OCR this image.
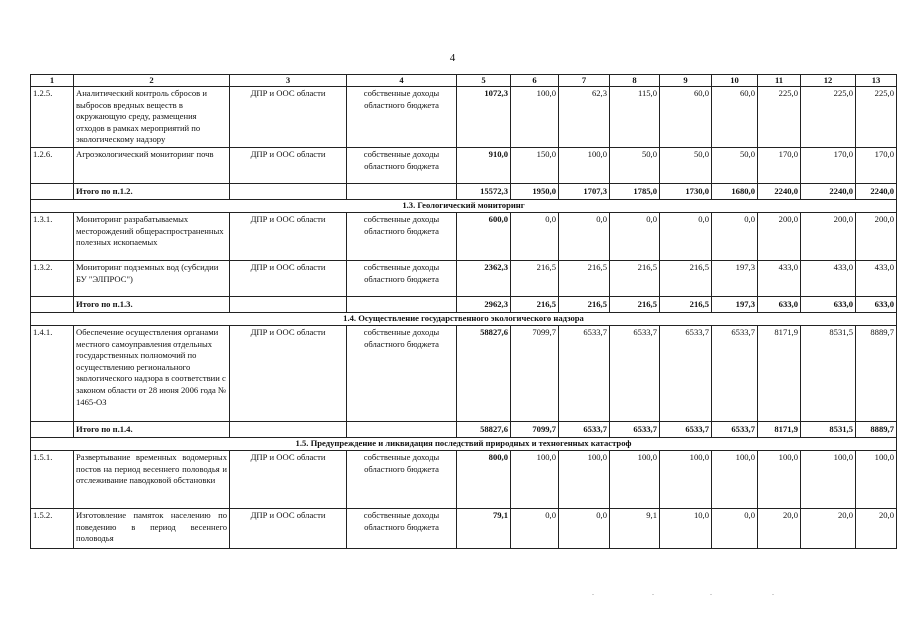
4
1	2	3	4	5	6	7	8	9	10	11	12	13
1.2.5.	Аналитический контроль сбросов и выбросов вредных веществ в окружающую среду, размещения отходов в рамках мероприятий по экологическому надзору	ДПР и ООС области	собственные доходы областного бюджета	1072,3	100,0	62,3	115,0	60,0	60,0	225,0	225,0	225,0
1.2.6.	Агроэкологический мониторинг почв	ДПР и ООС области	собственные доходы областного бюджета	910,0	150,0	100,0	50,0	50,0	50,0	170,0	170,0	170,0
	Итого по п.1.2.			15572,3	1950,0	1707,3	1785,0	1730,0	1680,0	2240,0	2240,0	2240,0
1.3. Геологический мониторинг												
1.3.1.	Мониторинг разрабатываемых месторождений общераспространенных полезных ископаемых	ДПР и ООС области	собственные доходы областного бюджета	600,0	0,0	0,0	0,0	0,0	0,0	200,0	200,0	200,0
1.3.2.	Мониторинг подземных вод (субсидии БУ "ЭЛПРОС")	ДПР и ООС области	собственные доходы областного бюджета	2362,3	216,5	216,5	216,5	216,5	197,3	433,0	433,0	433,0
	Итого по п.1.3.			2962,3	216,5	216,5	216,5	216,5	197,3	633,0	633,0	633,0
1.4. Осуществление государственного экологического надзора												
1.4.1.	Обеспечение осуществления органами местного самоуправления отдельных государственных полномочий по осуществлению регионального экологического надзора в соответствии с законом области от 28 июня 2006 года № 1465-ОЗ	ДПР и ООС области	собственные доходы областного бюджета	58827,6	7099,7	6533,7	6533,7	6533,7	6533,7	8171,9	8531,5	8889,7
	Итого по п.1.4.			58827,6	7099,7	6533,7	6533,7	6533,7	6533,7	8171,9	8531,5	8889,7
1.5. Предупреждение и ликвидация последствий природных и техногенных катастроф												
1.5.1.	Развертывание временных водомерных постов на период весеннего половодья и отслеживание паводковой обстановки	ДПР и ООС области	собственные доходы областного бюджета	800,0	100,0	100,0	100,0	100,0	100,0	100,0	100,0	100,0
1.5.2.	Изготовление памяток населению по поведению в период весеннего половодья	ДПР и ООС области	собственные доходы областного бюджета	79,1	0,0	0,0	9,1	10,0	0,0	20,0	20,0	20,0
.	.	.	.
